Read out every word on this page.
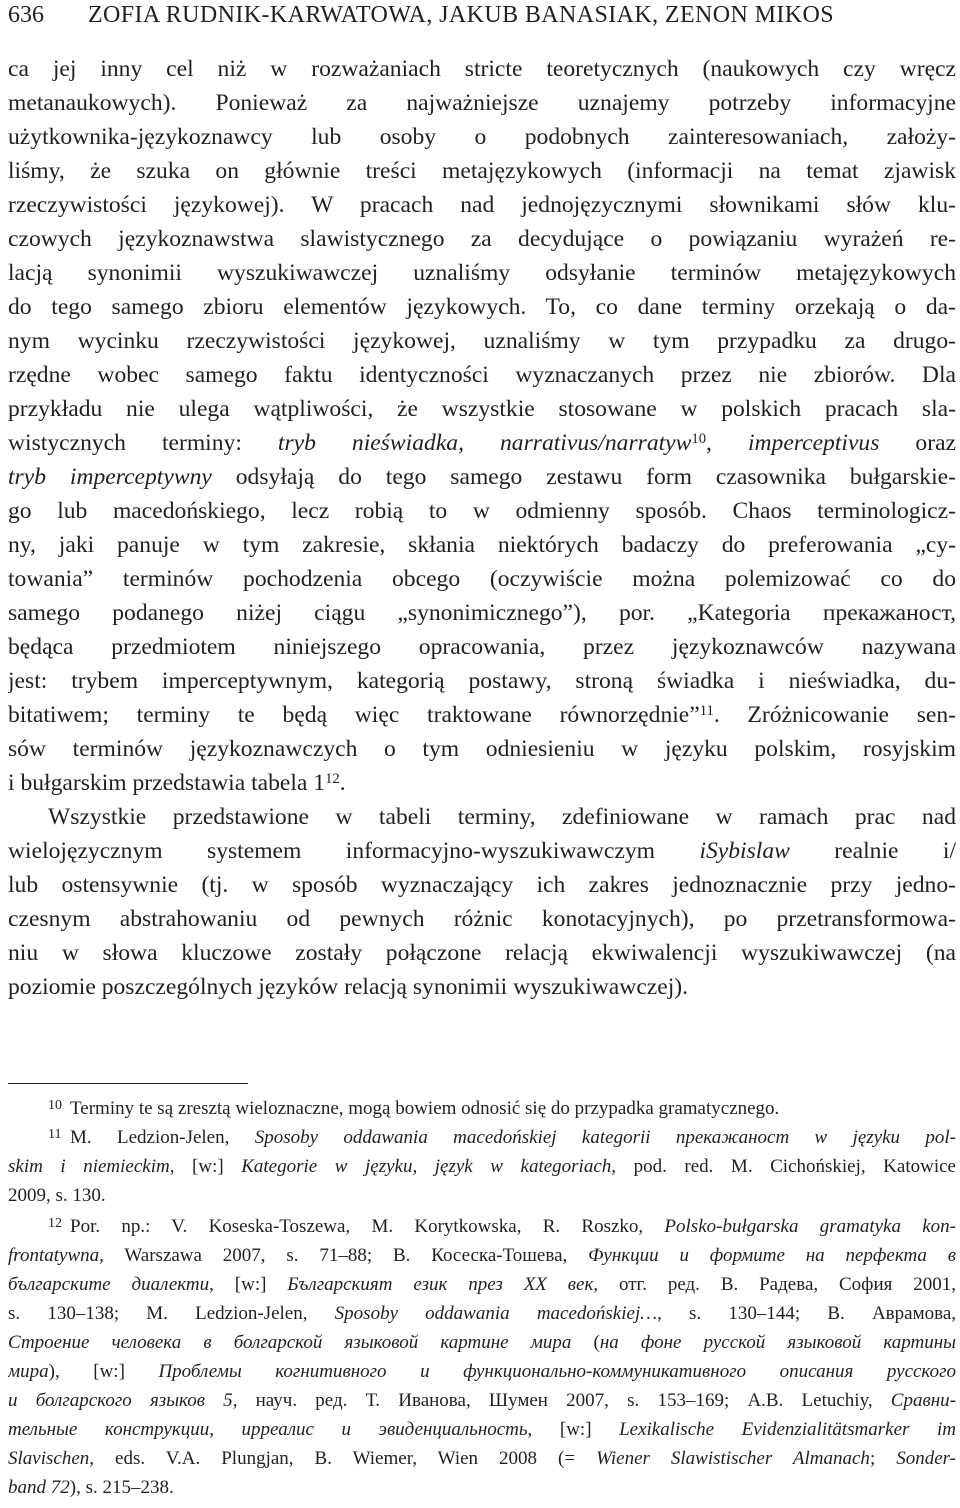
636 ZOFIA RUDNIK-KARWATOWA, JAKUB BANASIAK, ZENON MIKOS
ca jej inny cel niż w rozważaniach stricte teoretycznych (naukowych czy wręcz
metanaukowych). Ponieważ za najważniejsze uznajemy potrzeby informacyjne
użytkownika-językoznawcy lub osoby o podobnych zainteresowaniach, założy-
liśmy, że szuka on głównie treści metajęzykowych (informacji na temat zjawisk
rzeczywistości językowej). W pracach nad jednojęzycznymi słownikami słów klu-
czowych językoznawstwa slawistycznego za decydujące o powiązaniu wyrażeń re-
lacją synonimii wyszukiwawczej uznaliśmy odsyłanie terminów metajęzykowych
do tego samego zbioru elementów językowych. To, co dane terminy orzekają o da-
nym wycinku rzeczywistości językowej, uznaliśmy w tym przypadku za drugo-
rzędne wobec samego faktu identyczności wyznaczanych przez nie zbiorów. Dla
przykładu nie ulega wątpliwości, że wszystkie stosowane w polskich pracach sla-
wistycznych terminy: tryb nieświadka, narrativus/narratyw$^{10}$, imperceptivus oraz
tryb imperceptywny odsyłają do tego samego zestawu form czasownika bułgarskie-
go lub macedońskiego, lecz robią to w odmienny sposób. Chaos terminologicz-
ny, jaki panuje w tym zakresie, skłania niektórych badaczy do preferowania „cy-
towania” terminów pochodzenia obcego (oczywiście można polemizować co do
samego podanego niżej ciągu „synonimicznego”), por. „Kategoria прекажаност,
będąca przedmiotem niniejszego opracowania, przez językoznawców nazywana
jest: trybem imperceptywnym, kategorią postawy, stroną świadka i nieświadka, du-
bitatiwem; terminy te będą więc traktowane równorzędnie”$^{11}$. Zróżnicowanie sen-
sów terminów językoznawczych o tym odniesieniu w języku polskim, rosyjskim
i bułgarskim przedstawia tabela $1^{12}$.
Wszystkie przedstawione w tabeli terminy, zdefiniowane w ramach prac nad
wielojęzycznym systemem informacyjno-wyszukiwawczym iSybislaw realnie i/
lub ostensywnie (tj. w sposób wyznaczający ich zakres jednoznacznie przy jedno-
czesnym abstrahowaniu od pewnych różnic konotacyjnych), po przetransformowa-
niu w słowa kluczowe zostały połączone relacją ekwiwalencji wyszukiwawczej (na
poziomie poszczególnych języków relacją synonimii wyszukiwawczej).
10 Terminy te są zresztą wieloznaczne, mogą bowiem odnosić się do przypadka gramatycznego.
11 M. Ledzion-Jelen, Sposoby oddawania macedońskiej kategorii прекажаност w języku pol-
skim i niemieckim, [w:] Kategorie w języku, język w kategoriach, pod. red. M. Cichońskiej, Katowice
2009, s. 130.
12 Por. np.: V. Koseska-Toszewa, M. Korytkowska, R. Roszko, Polsko-bułgarska gramatyka kon-
frontatywna, Warszawa 2007, s. 71–88; В. Косеска-Тошева, Функции и формите на перфекта в
българските диалекти, [w:] Българският език през XX век, отг. ред. В. Радева, София 2001,
s. 130–138; M. Ledzion-Jelen, Sposoby oddawania macedońskiej…, s. 130–144; В. Аврамова,
Строение человека в болгарской языковой картине мира (на фоне русской языковой картины
мира), [w:] Проблемы когнитивного и функционально-коммуникативного описания русского
и болгарского языков 5, науч. ред. Т. Иванова, Шумен 2007, s. 153–169; А.В. Letuchiy, Сравни-
тельные конструкции, ирреалис и эвиденциальность, [w:] Lexikalische Evidenzialitätsmarker im
Slavischen, eds. V.A. Plungjan, B. Wiemer, Wien 2008 (= Wiener Slawistischer Almanach; Sonder-
band 72), s. 215–238.
